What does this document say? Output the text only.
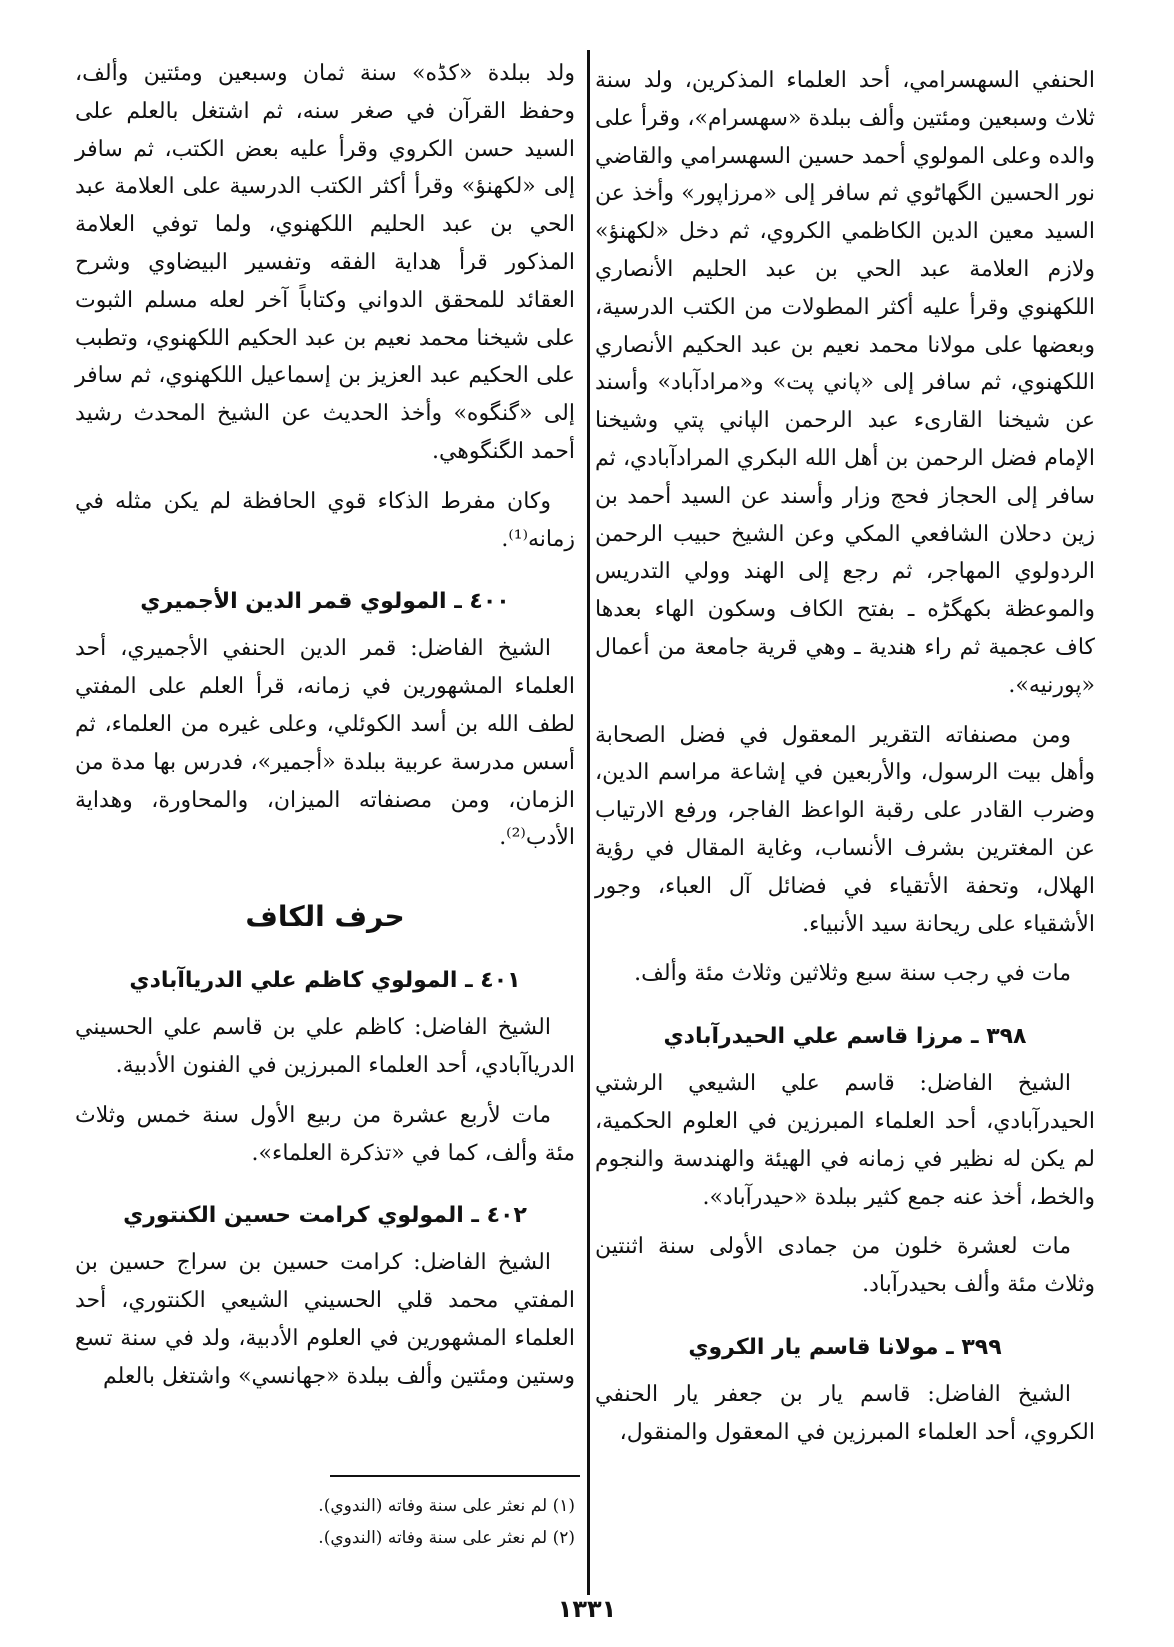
الحنفي السهسرامي، أحد العلماء المذكرين، ولد سنة ثلاث وسبعين ومئتين وألف ببلدة «سهسرام»، وقرأ على والده وعلى المولوي أحمد حسين السهسرامي والقاضي نور الحسين الگهاٹوي ثم سافر إلى «مرزاپور» وأخذ عن السيد معين الدين الكاظمي الكروي، ثم دخل «لكهنؤ» ولازم العلامة عبد الحي بن عبد الحليم الأنصاري اللكهنوي وقرأ عليه أكثر المطولات من الكتب الدرسية، وبعضها على مولانا محمد نعيم بن عبد الحكيم الأنصاري اللكهنوي، ثم سافر إلى «پاني پت» و«مرادآباد» وأسند عن شيخنا القارىء عبد الرحمن الپاني پتي وشيخنا الإمام فضل الرحمن بن أهل الله البكري المرادآبادي، ثم سافر إلى الحجاز فحج وزار وأسند عن السيد أحمد بن زين دحلان الشافعي المكي وعن الشيخ حبيب الرحمن الردولوي المهاجر، ثم رجع إلى الهند وولي التدريس والموعظة بكهگڑه ـ بفتح الكاف وسكون الهاء بعدها كاف عجمية ثم راء هندية ـ وهي قرية جامعة من أعمال «پورنيه».

ومن مصنفاته التقرير المعقول في فضل الصحابة وأهل بيت الرسول، والأربعين في إشاعة مراسم الدين، وضرب القادر على رقبة الواعظ الفاجر، ورفع الارتياب عن المغترين بشرف الأنساب، وغاية المقال في رؤية الهلال، وتحفة الأتقياء في فضائل آل العباء، وجور الأشقياء على ريحانة سيد الأنبياء.

مات في رجب سنة سبع وثلاثين وثلاث مئة وألف.

٣٩٨ ـ مرزا قاسم علي الحيدرآبادي

الشيخ الفاضل: قاسم علي الشيعي الرشتي الحيدرآبادي، أحد العلماء المبرزين في العلوم الحكمية، لم يكن له نظير في زمانه في الهيئة والهندسة والنجوم والخط، أخذ عنه جمع كثير ببلدة «حيدرآباد».

مات لعشرة خلون من جمادى الأولى سنة اثنتين وثلاث مئة وألف بحيدرآباد.

٣٩٩ ـ مولانا قاسم يار الكروي

الشيخ الفاضل: قاسم يار بن جعفر يار الحنفي الكروي، أحد العلماء المبرزين في المعقول والمنقول،

ولد ببلدة «كڈه» سنة ثمان وسبعين ومئتين وألف، وحفظ القرآن في صغر سنه، ثم اشتغل بالعلم على السيد حسن الكروي وقرأ عليه بعض الكتب، ثم سافر إلى «لكهنؤ» وقرأ أكثر الكتب الدرسية على العلامة عبد الحي بن عبد الحليم اللكهنوي، ولما توفي العلامة المذكور قرأ هداية الفقه وتفسير البيضاوي وشرح العقائد للمحقق الدواني وكتاباً آخر لعله مسلم الثبوت على شيخنا محمد نعيم بن عبد الحكيم اللكهنوي، وتطبب على الحكيم عبد العزيز بن إسماعيل اللكهنوي، ثم سافر إلى «گنگوه» وأخذ الحديث عن الشيخ المحدث رشيد أحمد الگنگوهي.

وكان مفرط الذكاء قوي الحافظة لم يكن مثله في زمانه⁽¹⁾.

٤٠٠ ـ المولوي قمر الدين الأجميري

الشيخ الفاضل: قمر الدين الحنفي الأجميري، أحد العلماء المشهورين في زمانه، قرأ العلم على المفتي لطف الله بن أسد الكوئلي، وعلى غيره من العلماء، ثم أسس مدرسة عربية ببلدة «أجمير»، فدرس بها مدة من الزمان، ومن مصنفاته الميزان، والمحاورة، وهداية الأدب⁽²⁾.

حرف الكاف
٤٠١ ـ المولوي كاظم علي الدرياآبادي

الشيخ الفاضل: كاظم علي بن قاسم علي الحسيني الدرياآبادي، أحد العلماء المبرزين في الفنون الأدبية.

مات لأربع عشرة من ربيع الأول سنة خمس وثلاث مئة وألف، كما في «تذكرة العلماء».

٤٠٢ ـ المولوي كرامت حسين الكنتوري

الشيخ الفاضل: كرامت حسين بن سراج حسين بن المفتي محمد قلي الحسيني الشيعي الكنتوري، أحد العلماء المشهورين في العلوم الأدبية، ولد في سنة تسع وستين ومئتين وألف ببلدة «جهانسي» واشتغل بالعلم

(١) لم نعثر على سنة وفاته (الندوي).

(٢) لم نعثر على سنة وفاته (الندوي).

١٣٣١
